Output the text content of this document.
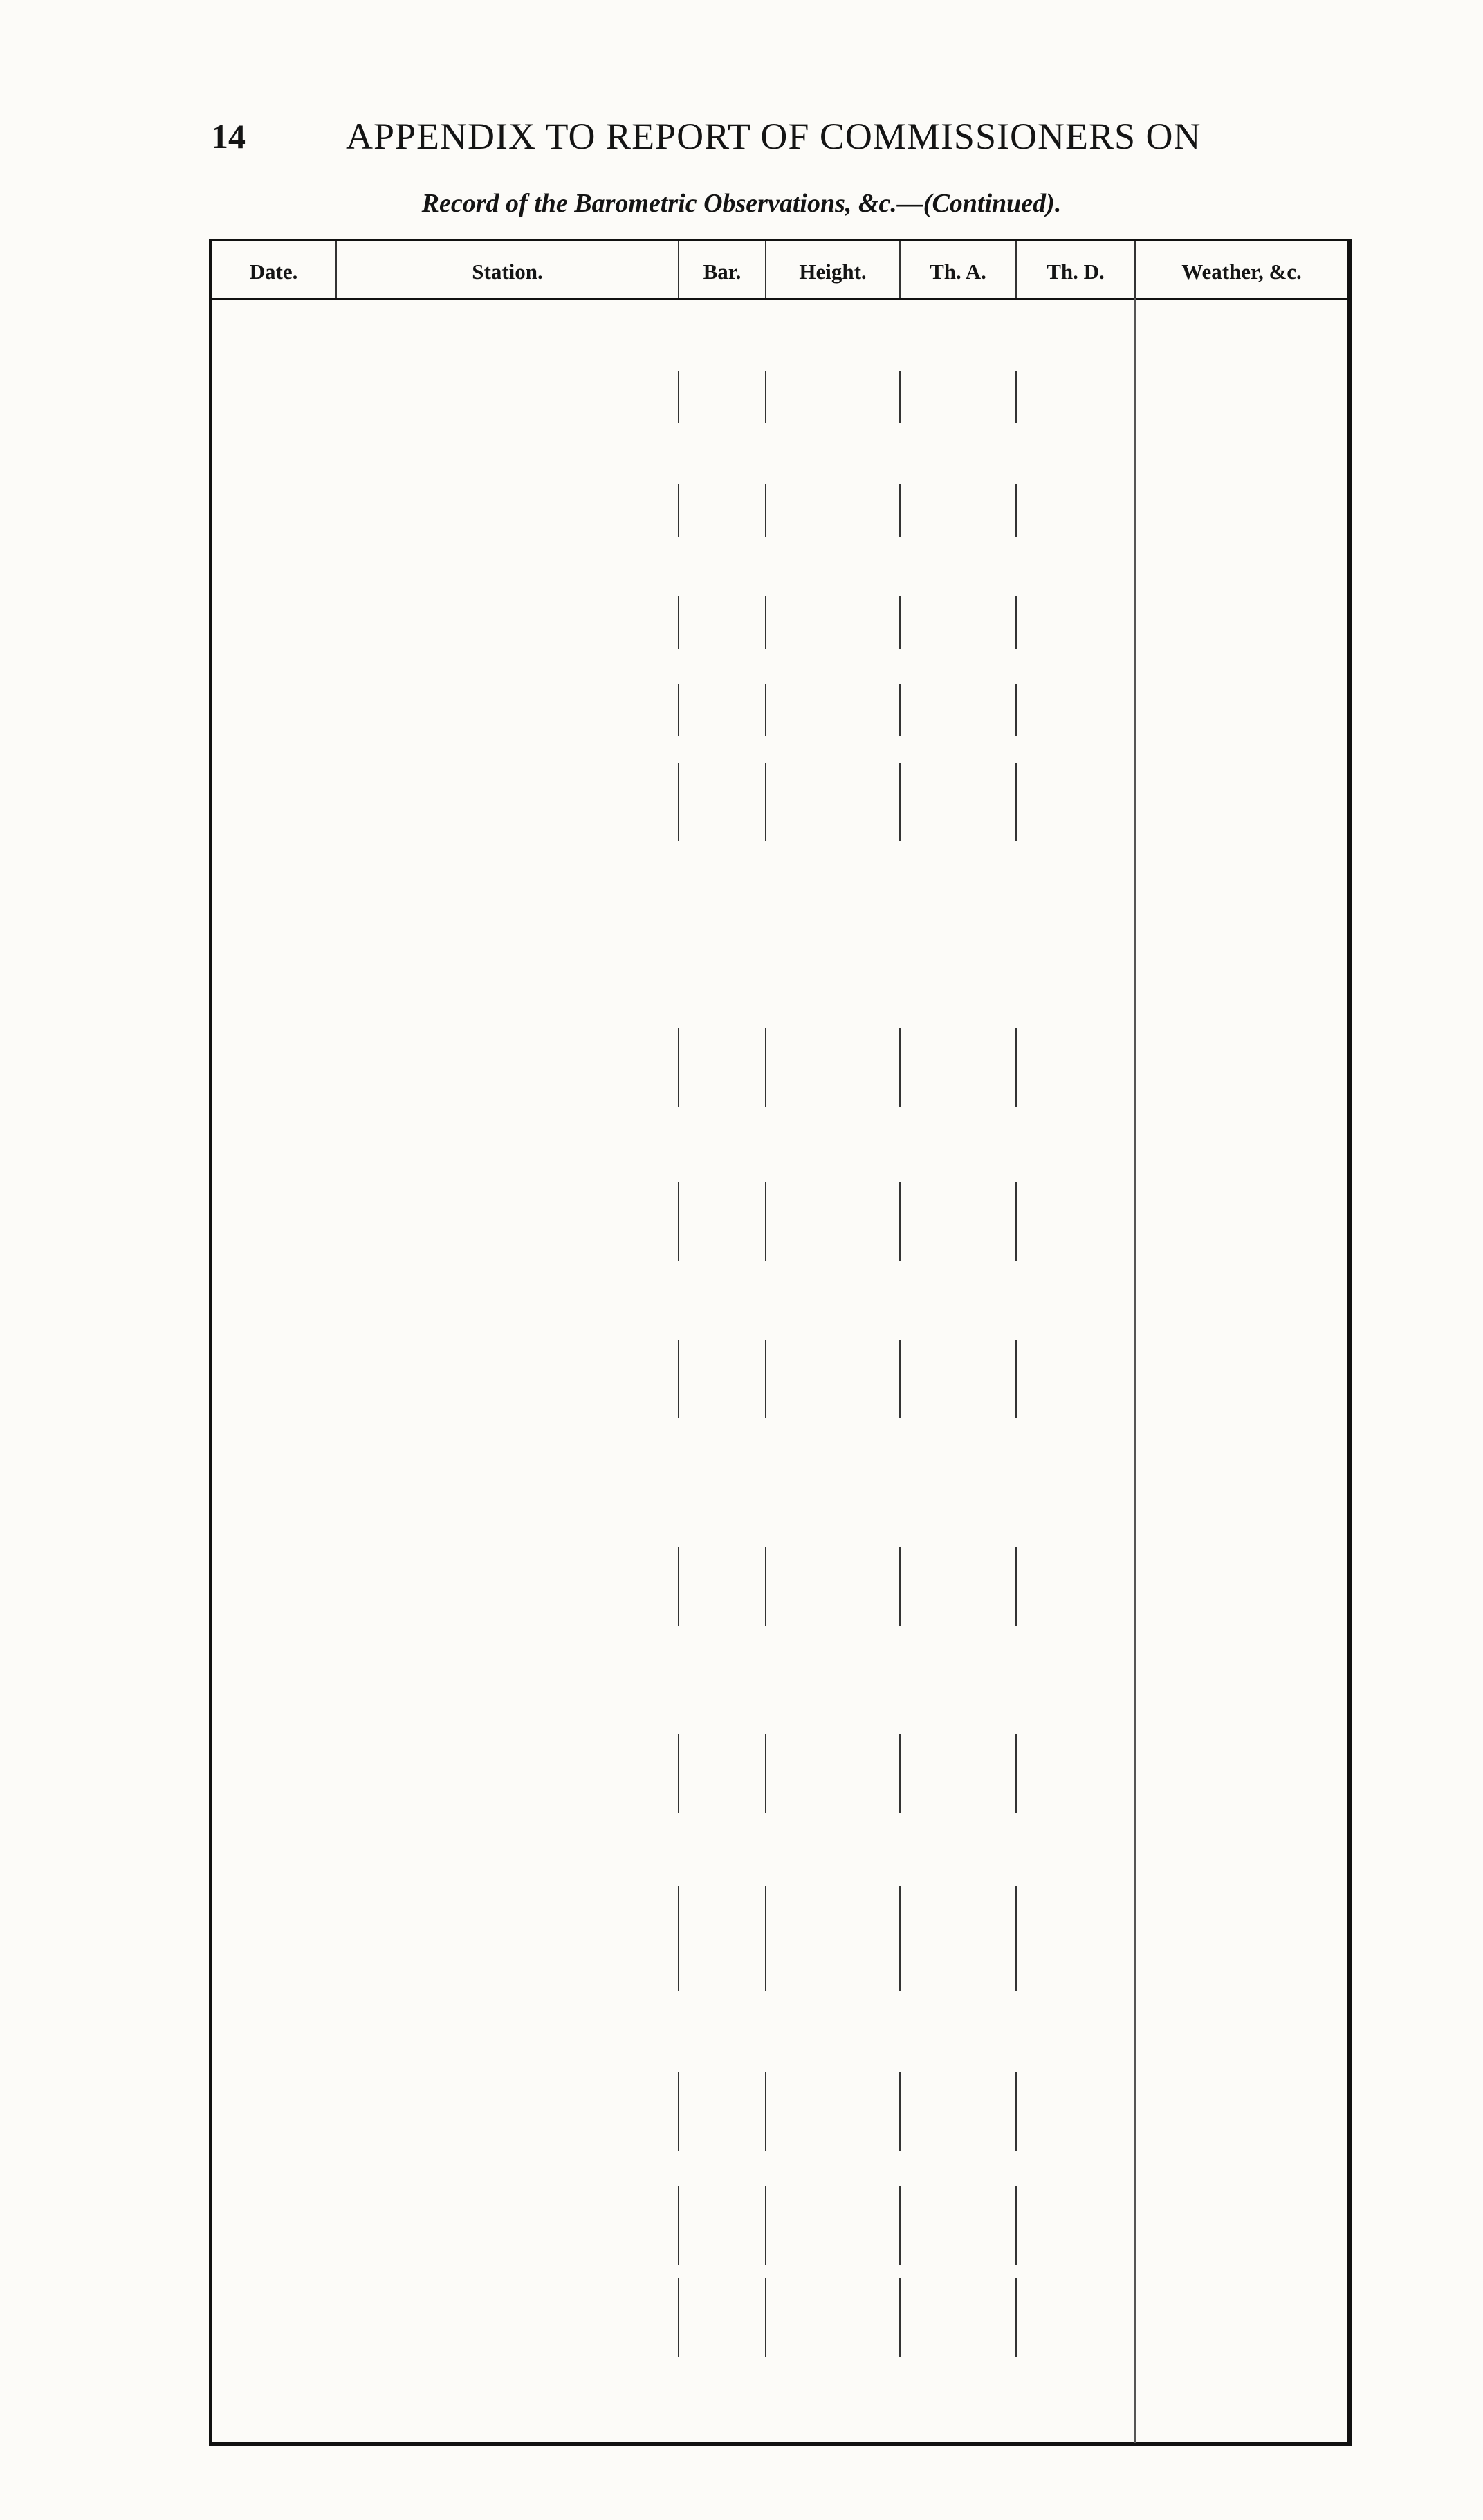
14	APPENDIX TO REPORT OF COMMISSIONERS ON
Record of the Barometric Observations, &c.—(Continued).
Date.	Station.	Bar.	Height.	Th. A.	Th. D.	Weather, &c.
